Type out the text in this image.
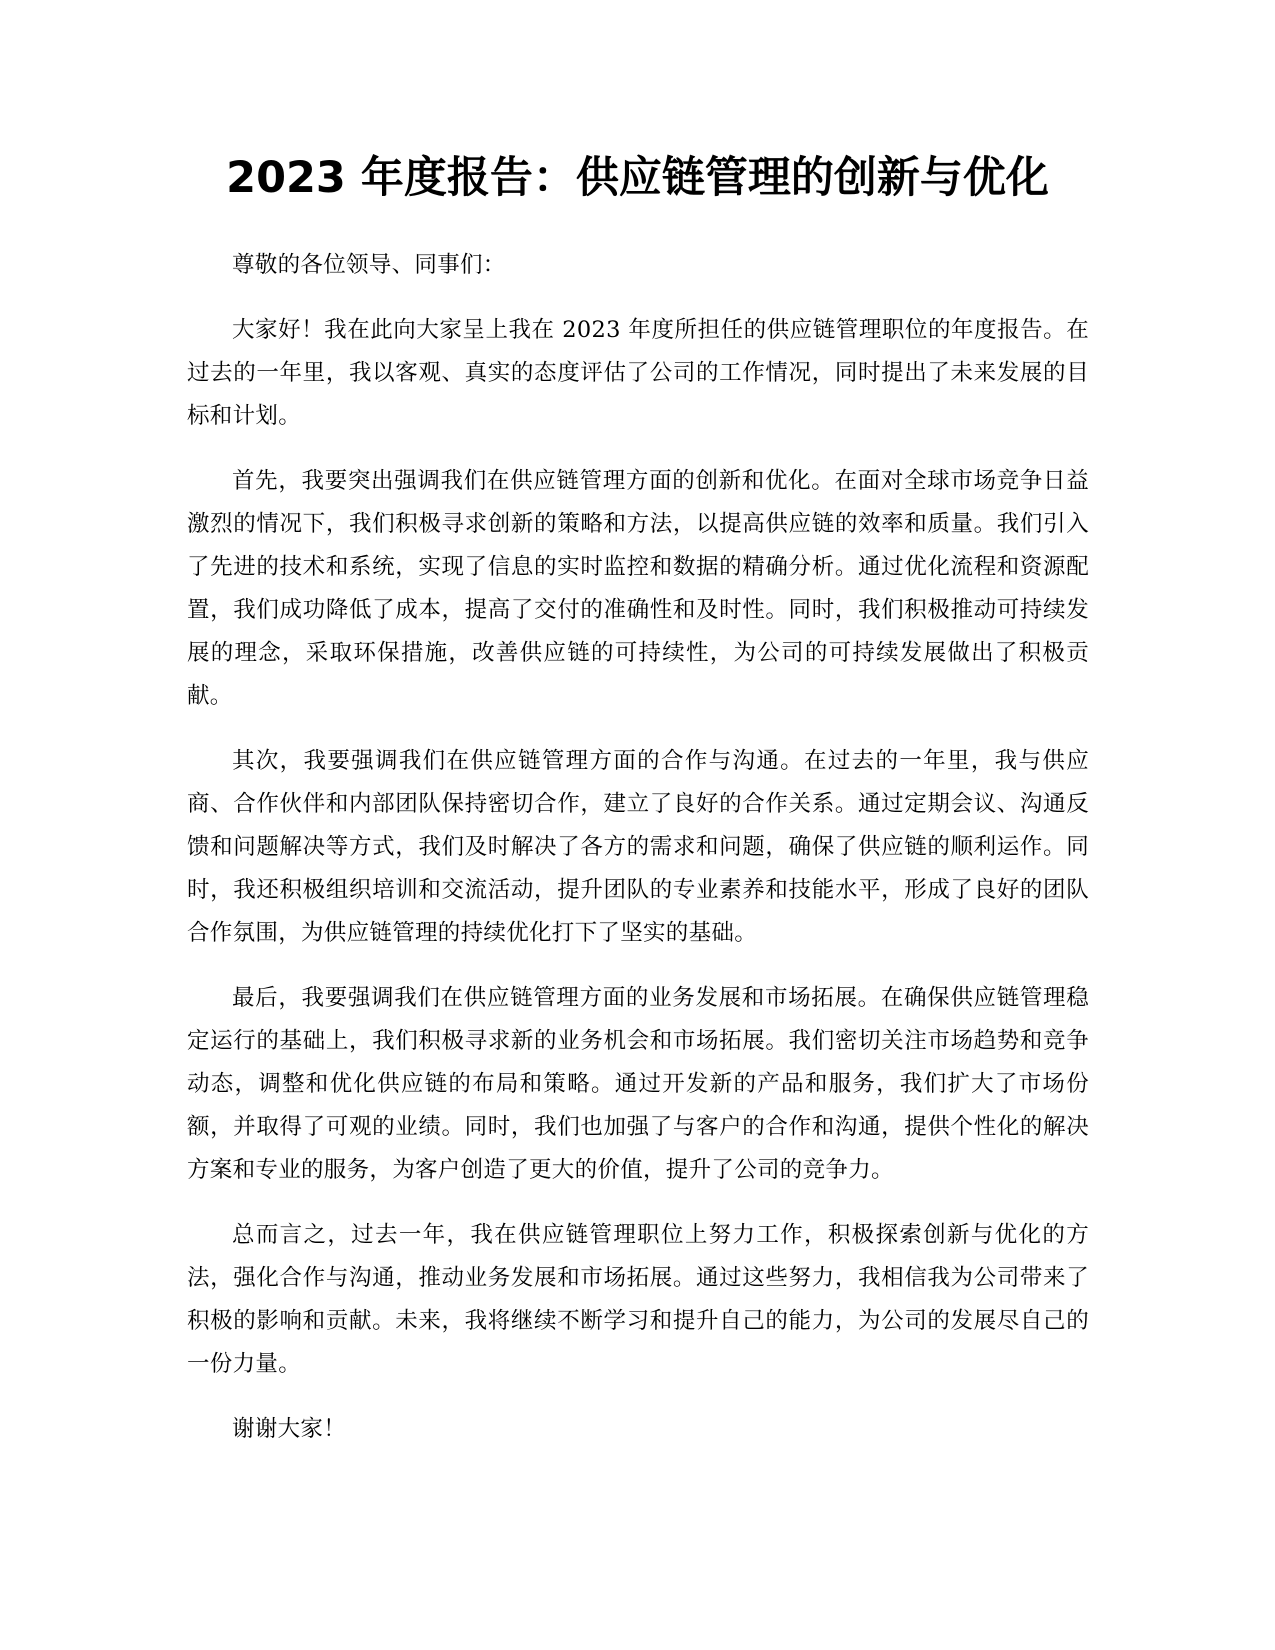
2023 年度报告：供应链管理的创新与优化

尊敬的各位领导、同事们：

大家好！我在此向大家呈上我在 2023 年度所担任的供应链管理职位的年度报告。在过去的一年里，我以客观、真实的态度评估了公司的工作情况，同时提出了未来发展的目标和计划。

首先，我要突出强调我们在供应链管理方面的创新和优化。在面对全球市场竞争日益激烈的情况下，我们积极寻求创新的策略和方法，以提高供应链的效率和质量。我们引入了先进的技术和系统，实现了信息的实时监控和数据的精确分析。通过优化流程和资源配置，我们成功降低了成本，提高了交付的准确性和及时性。同时，我们积极推动可持续发展的理念，采取环保措施，改善供应链的可持续性，为公司的可持续发展做出了积极贡献。

其次，我要强调我们在供应链管理方面的合作与沟通。在过去的一年里，我与供应商、合作伙伴和内部团队保持密切合作，建立了良好的合作关系。通过定期会议、沟通反馈和问题解决等方式，我们及时解决了各方的需求和问题，确保了供应链的顺利运作。同时，我还积极组织培训和交流活动，提升团队的专业素养和技能水平，形成了良好的团队合作氛围，为供应链管理的持续优化打下了坚实的基础。

最后，我要强调我们在供应链管理方面的业务发展和市场拓展。在确保供应链管理稳定运行的基础上，我们积极寻求新的业务机会和市场拓展。我们密切关注市场趋势和竞争动态，调整和优化供应链的布局和策略。通过开发新的产品和服务，我们扩大了市场份额，并取得了可观的业绩。同时，我们也加强了与客户的合作和沟通，提供个性化的解决方案和专业的服务，为客户创造了更大的价值，提升了公司的竞争力。

总而言之，过去一年，我在供应链管理职位上努力工作，积极探索创新与优化的方法，强化合作与沟通，推动业务发展和市场拓展。通过这些努力，我相信我为公司带来了积极的影响和贡献。未来，我将继续不断学习和提升自己的能力，为公司的发展尽自己的一份力量。

谢谢大家！
